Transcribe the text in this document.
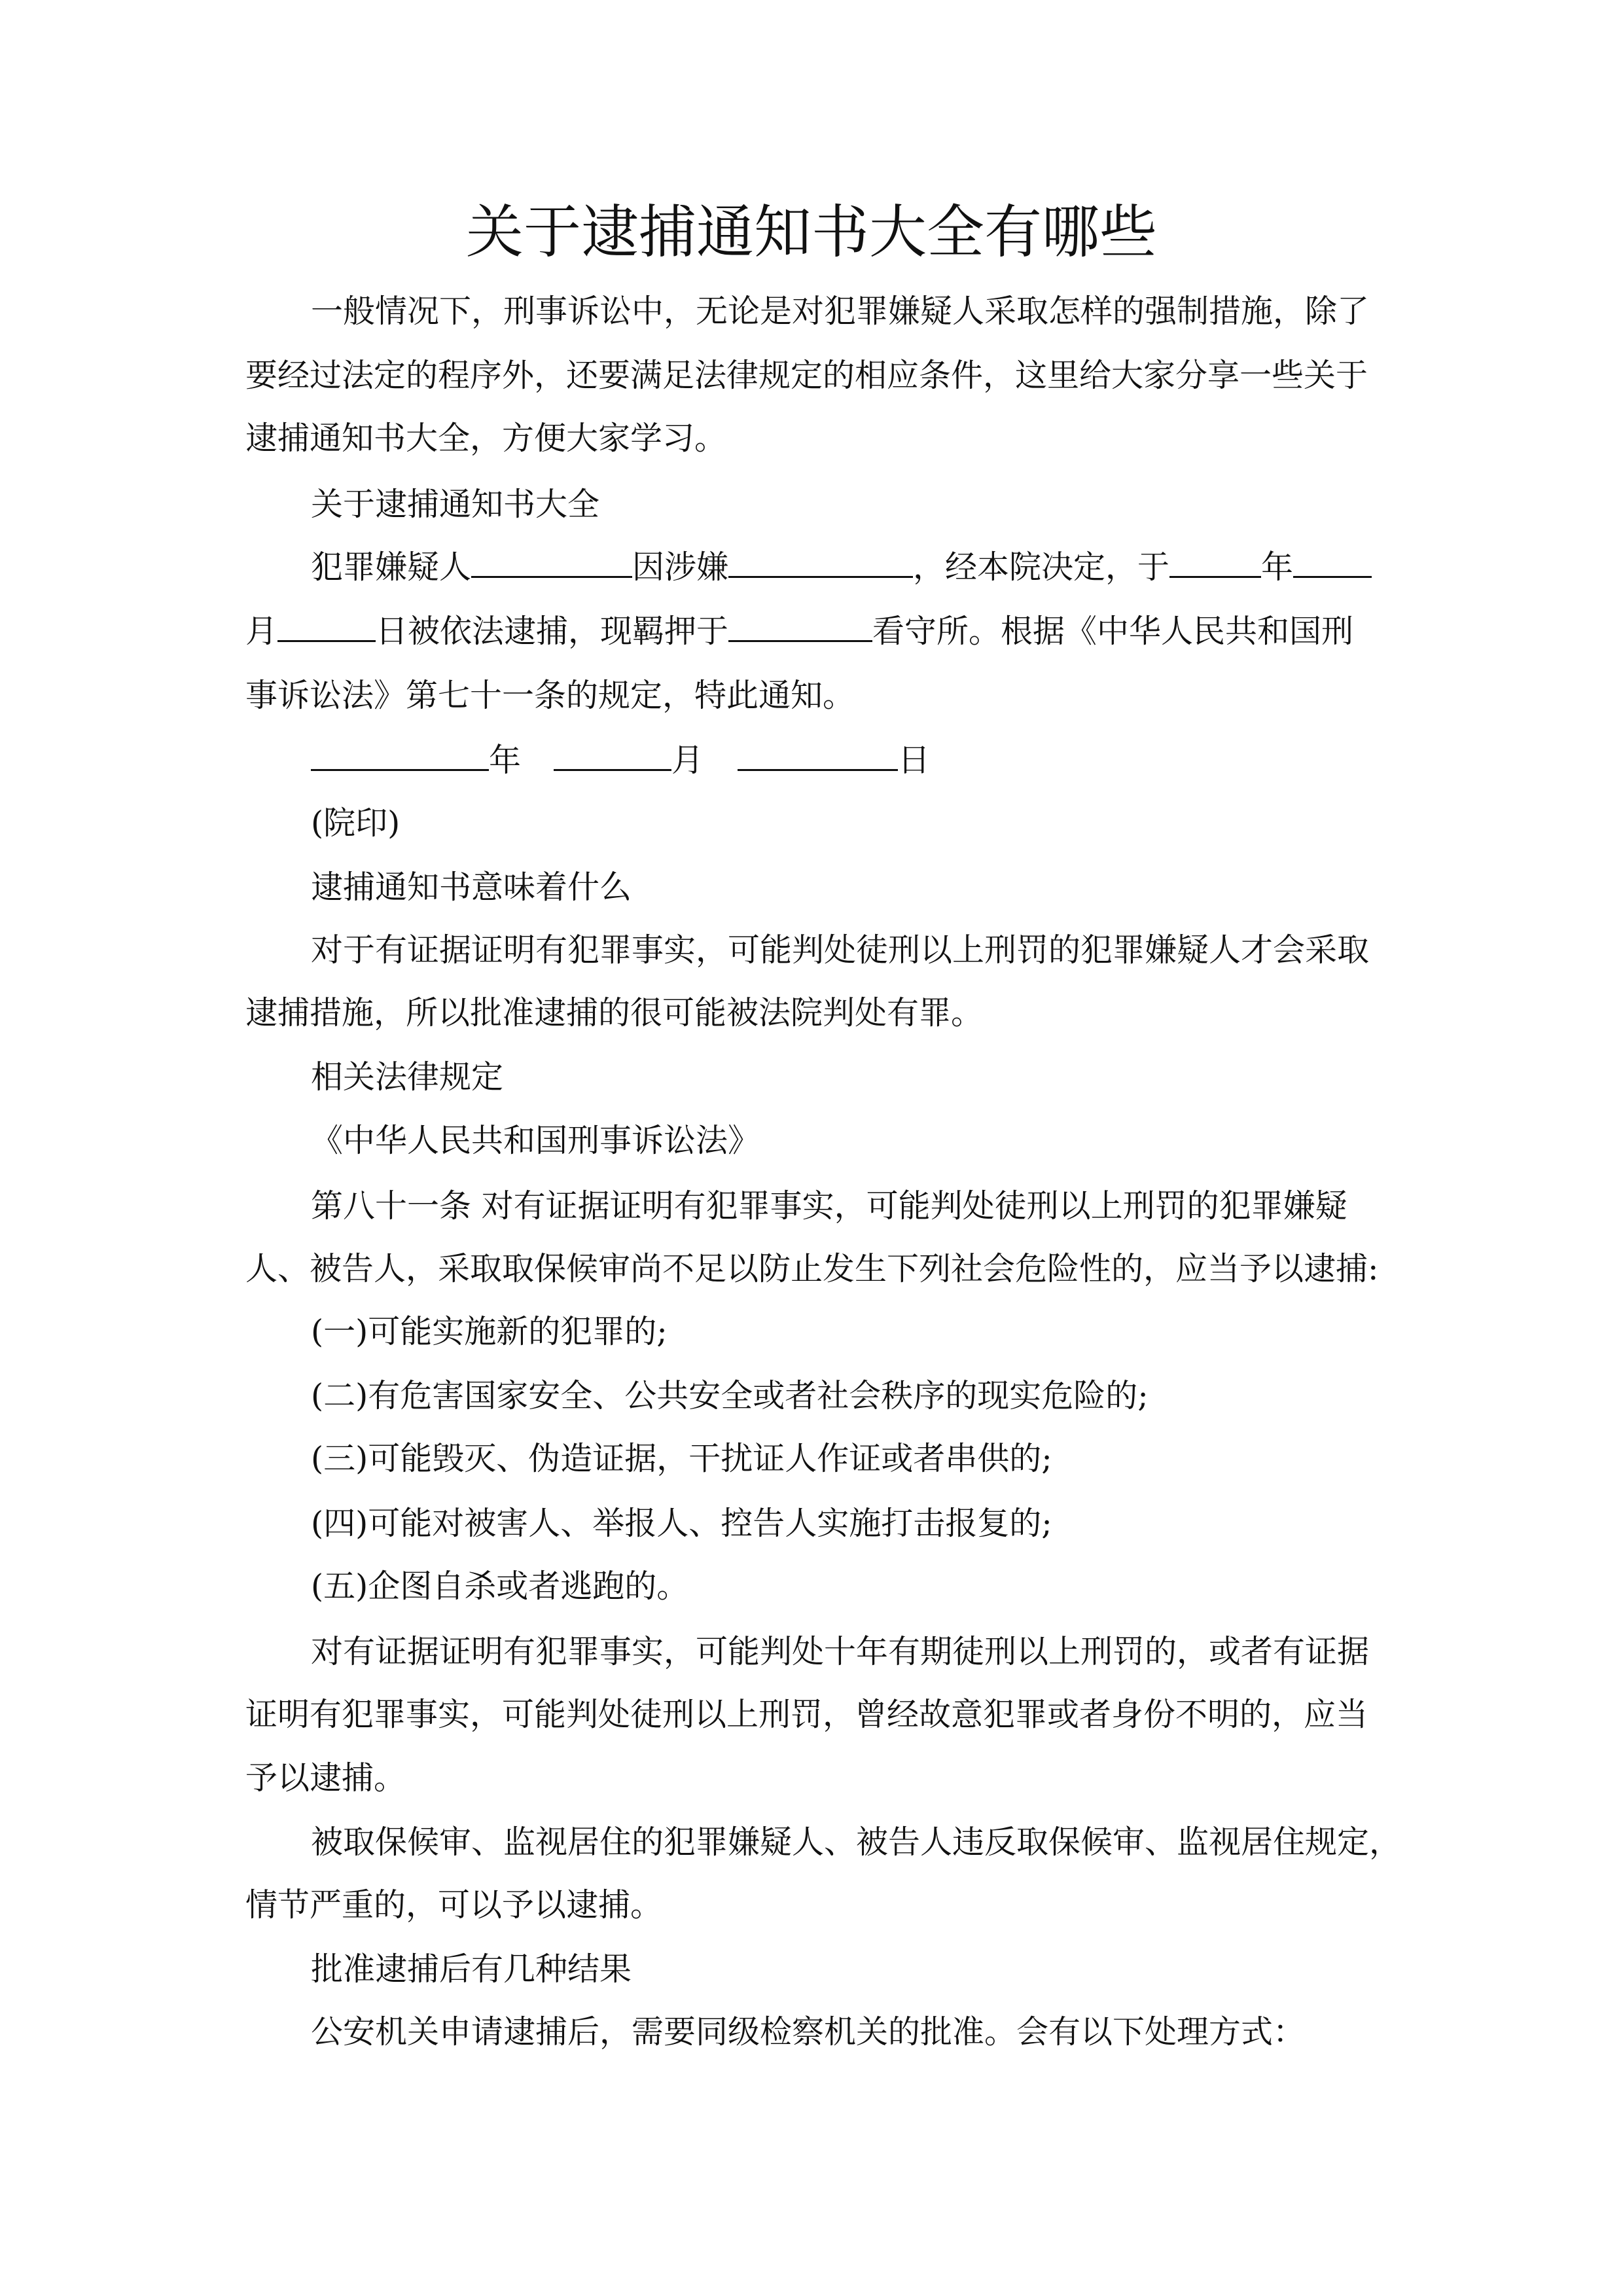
关于逮捕通知书大全有哪些
一般情况下，刑事诉讼中，无论是对犯罪嫌疑人采取怎样的强制措施，除了
要经过法定的程序外，还要满足法律规定的相应条件，这里给大家分享一些关于
逮捕通知书大全，方便大家学习。
关于逮捕通知书大全
犯罪嫌疑人	因涉嫌	，经本院决定，于	年
月	日被依法逮捕，现羁押于	看守所。根据《中华人民共和国刑
事诉讼法》第七十一条的规定，特此通知。
年	月	日
(院印)
逮捕通知书意味着什么
对于有证据证明有犯罪事实，可能判处徒刑以上刑罚的犯罪嫌疑人才会采取
逮捕措施，所以批准逮捕的很可能被法院判处有罪。
相关法律规定
《中华人民共和国刑事诉讼法》
第八十一条 对有证据证明有犯罪事实，可能判处徒刑以上刑罚的犯罪嫌疑
人、被告人，采取取保候审尚不足以防止发生下列社会危险性的，应当予以逮捕:
(一)可能实施新的犯罪的;
(二)有危害国家安全、公共安全或者社会秩序的现实危险的;
(三)可能毁灭、伪造证据，干扰证人作证或者串供的;
(四)可能对被害人、举报人、控告人实施打击报复的;
(五)企图自杀或者逃跑的。
对有证据证明有犯罪事实，可能判处十年有期徒刑以上刑罚的，或者有证据
证明有犯罪事实，可能判处徒刑以上刑罚，曾经故意犯罪或者身份不明的，应当
予以逮捕。
被取保候审、监视居住的犯罪嫌疑人、被告人违反取保候审、监视居住规定，
情节严重的，可以予以逮捕。
批准逮捕后有几种结果
公安机关申请逮捕后，需要同级检察机关的批准。会有以下处理方式：
